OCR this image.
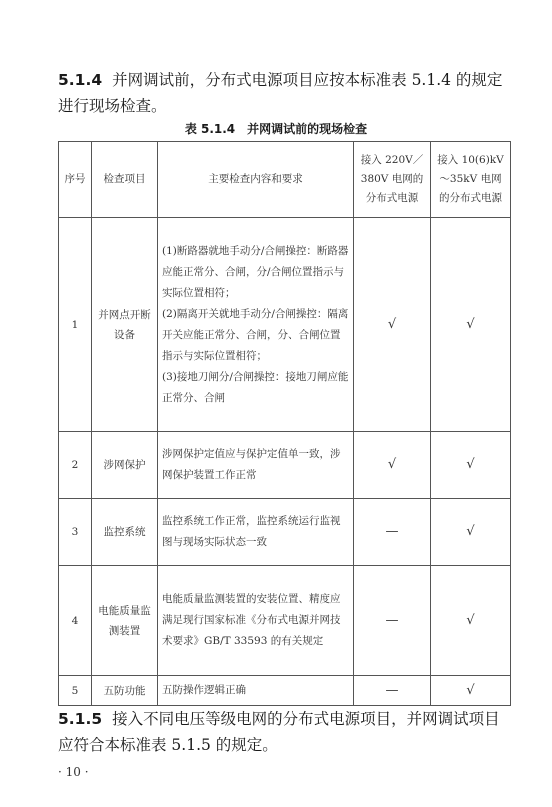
5.1.4 并网调试前，分布式电源项目应按本标准表 5.1.4 的规定进行现场检查。
表 5.1.4 并网调试前的现场检查
序号	检查项目	主要检查内容和要求	接入 220V／380V 电网的分布式电源	接入 10(6)kV～35kV 电网的分布式电源
1	并网点开断设备	(1)断路器就地手动分/合闸操控：断路器应能正常分、合闸，分/合闸位置指示与实际位置相符；
(2)隔离开关就地手动分/合闸操控：隔离开关应能正常分、合闸，分、合闸位置指示与实际位置相符；
(3)接地刀闸分/合闸操控：接地刀闸应能正常分、合闸	√	√
2	涉网保护	涉网保护定值应与保护定值单一致，涉网保护装置工作正常	√	√
3	监控系统	监控系统工作正常，监控系统运行监视图与现场实际状态一致	—	√
4	电能质量监测装置	电能质量监测装置的安装位置、精度应满足现行国家标准《分布式电源并网技术要求》GB/T 33593 的有关规定	—	√
5	五防功能	五防操作逻辑正确	—	√
5.1.5 接入不同电压等级电网的分布式电源项目，并网调试项目应符合本标准表 5.1.5 的规定。
· 10 ·
